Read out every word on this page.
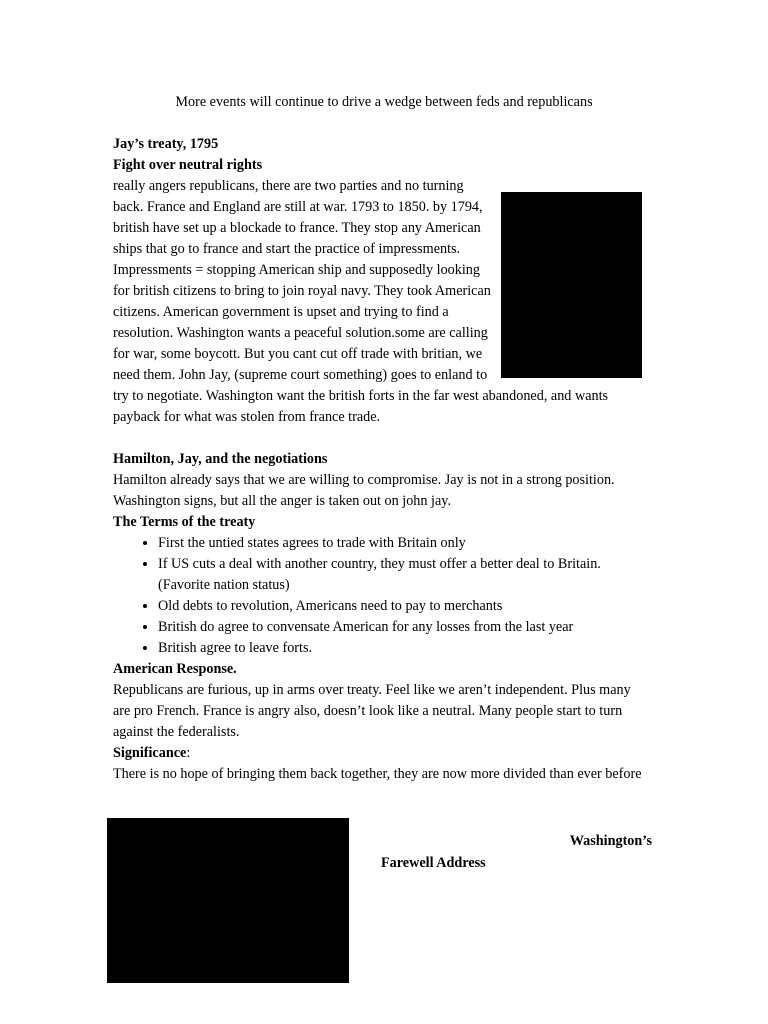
More events will continue to drive a wedge between feds and republicans

Jay’s treaty, 1795

Fight over neutral rights

really angers republicans, there are two parties and no turning back. France and England are still at war. 1793 to 1850. by 1794, british have set up a blockade to france. They stop any American ships that go to france and start the practice of impressments. Impressments = stopping American ship and supposedly looking for british citizens to bring to join royal navy. They took American citizens. American government is upset and trying to find a resolution. Washington wants a peaceful solution.some are calling for war, some boycott. But you cant cut off trade with britian, we need them. John Jay, (supreme court something) goes to enland to try to negotiate. Washington want the british forts in the far west abandoned, and wants payback for what was stolen from france trade.

Hamilton, Jay, and the negotiations

Hamilton already says that we are willing to compromise. Jay is not in a strong position. Washington signs, but all the anger is taken out on john jay.

The Terms of the treaty

• First the untied states agrees to trade with Britain only
• If US cuts a deal with another country, they must offer a better deal to Britain. (Favorite nation status)
• Old debts to revolution, Americans need to pay to merchants
• British do agree to convensate American for any losses from the last year
• British agree to leave forts.

American Response.

Republicans are furious, up in arms over treaty. Feel like we aren’t independent. Plus many are pro French. France is angry also, doesn’t look like a neutral. Many people start to turn against the federalists.

Significance:

There is no hope of bringing them back together, they are now more divided than ever before

Washington’s
Farewell Address
